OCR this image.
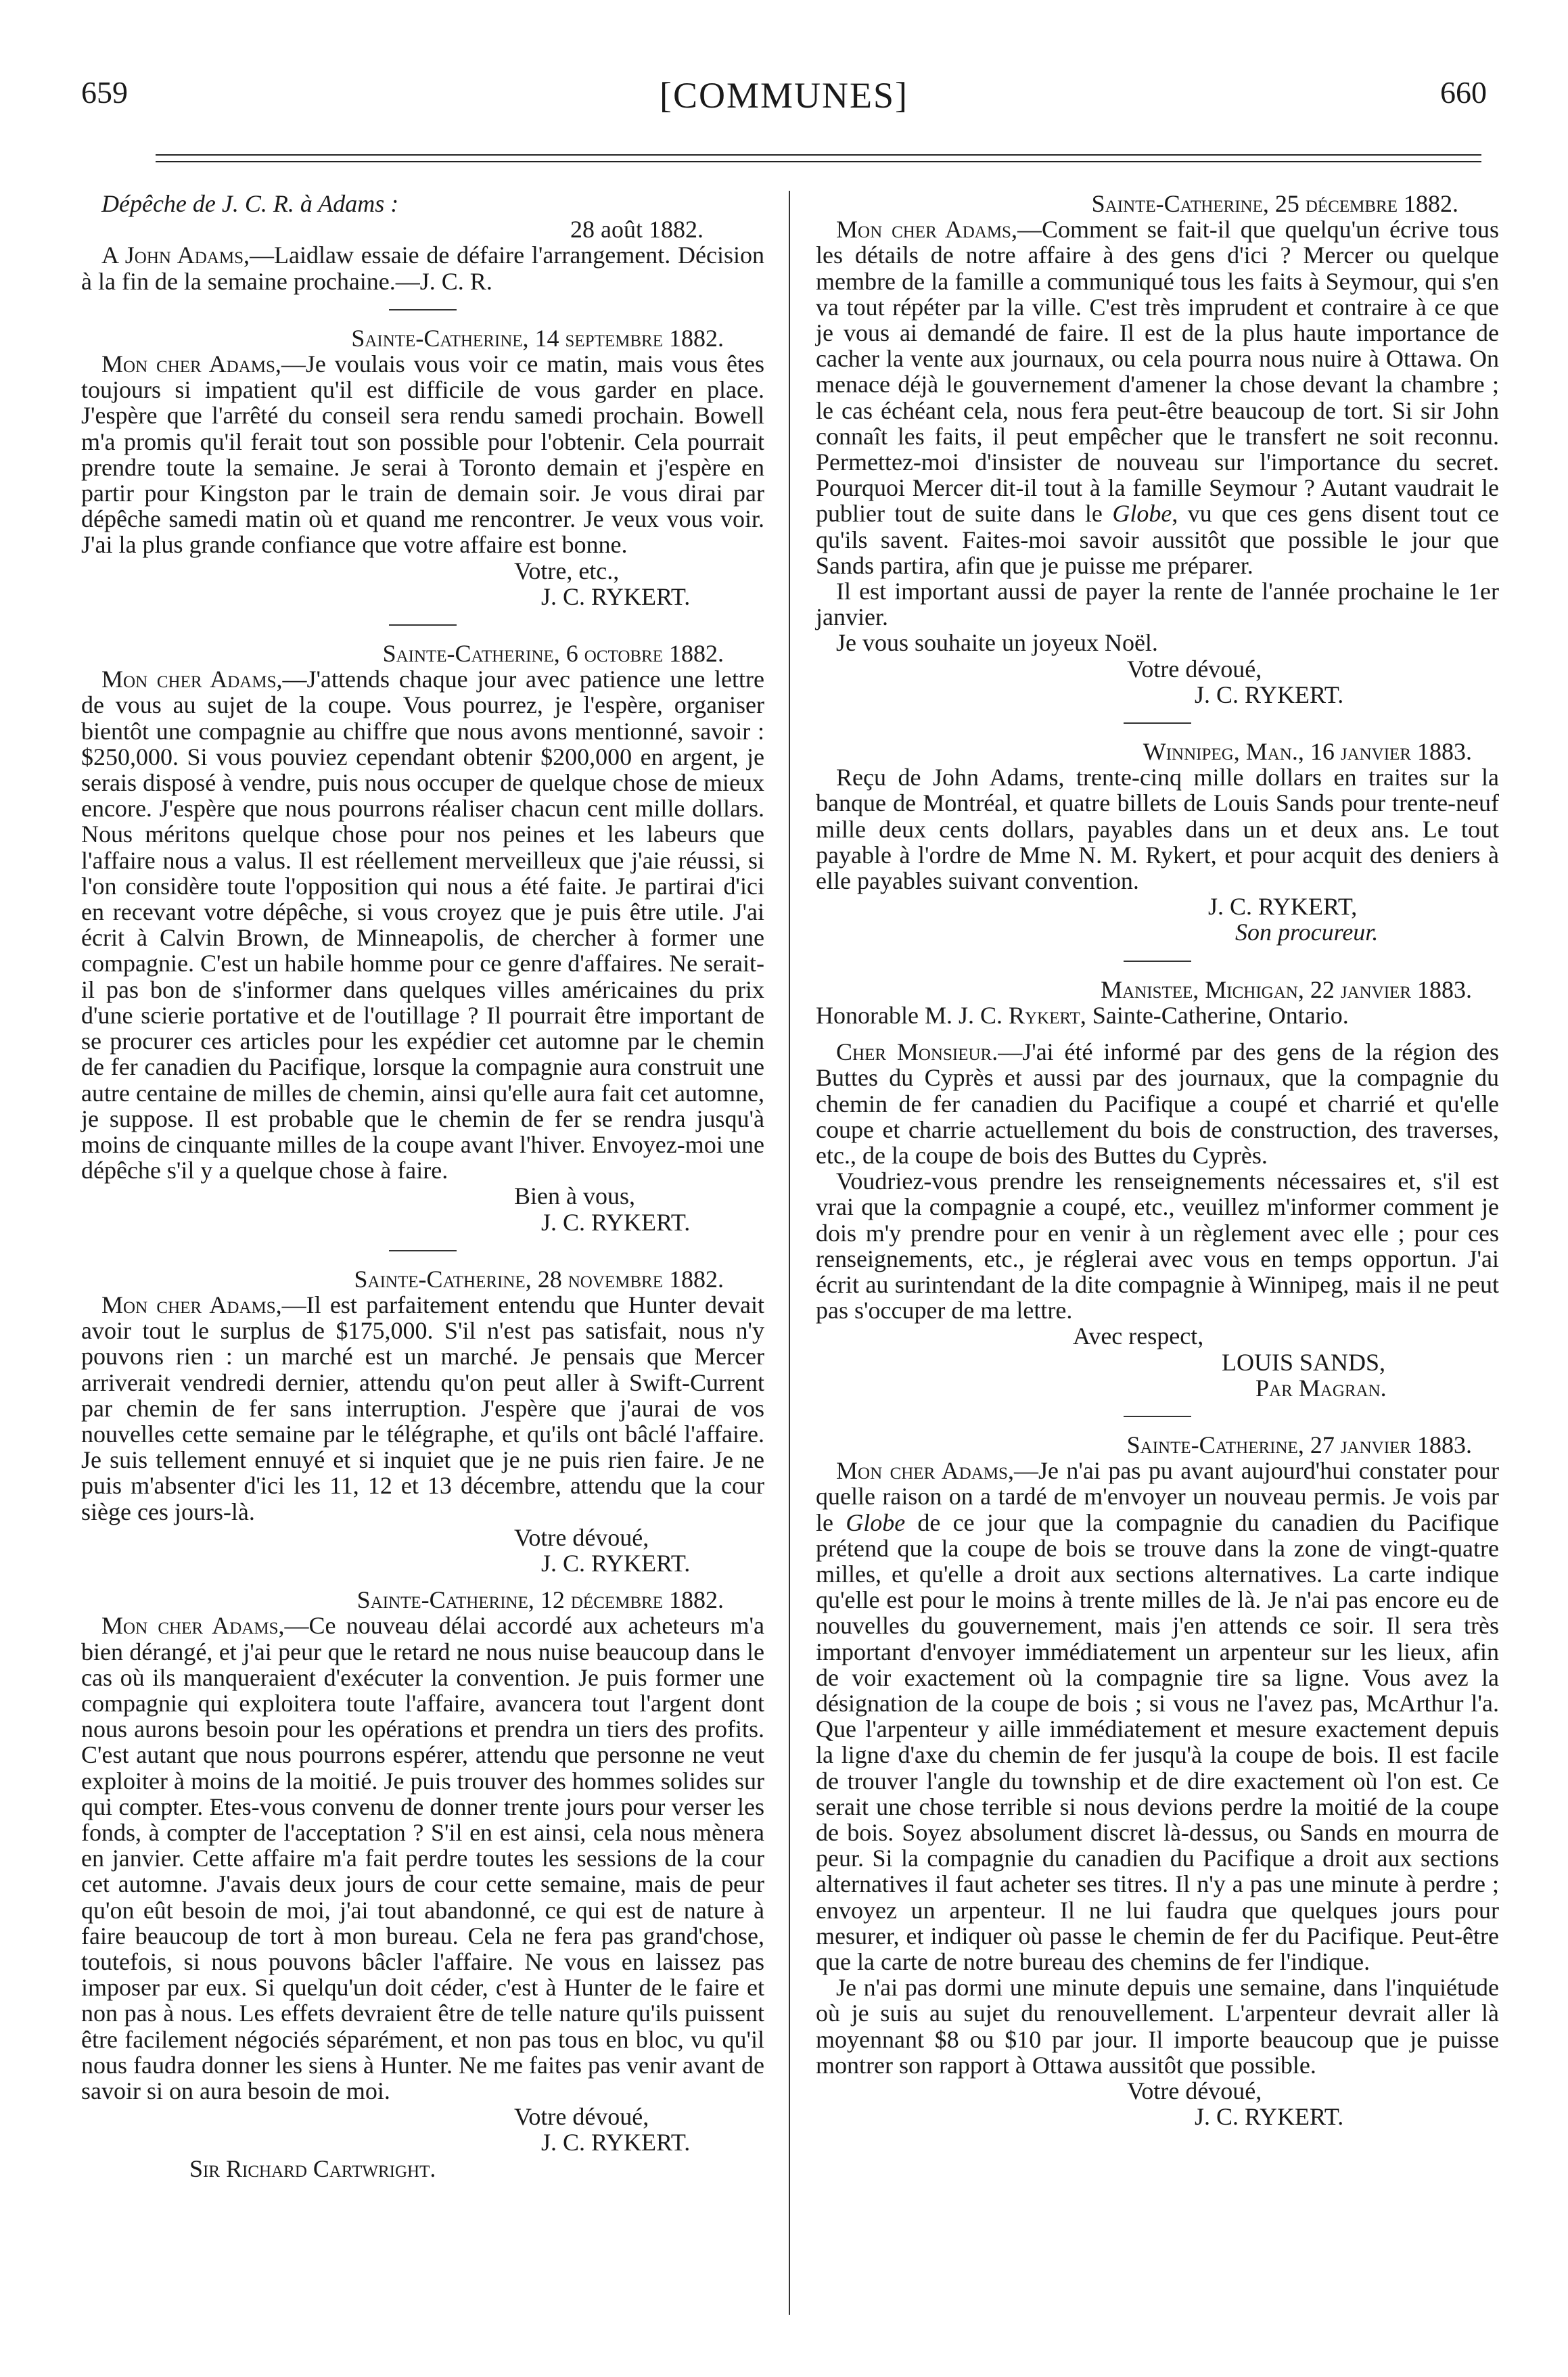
659	[COMMUNES]	660

Dépêche de J. C. R. à Adams :

28 août 1882.

A John Adams,—Laidlaw essaie de défaire l'arrangement. Décision à la fin de la semaine prochaine.—J. C. R.

Sainte-Catherine, 14 septembre 1882.

Mon cher Adams,—Je voulais vous voir ce matin, mais vous êtes toujours si impatient qu'il est difficile de vous garder en place. J'espère que l'arrêté du conseil sera rendu samedi prochain. Bowell m'a promis qu'il ferait tout son possible pour l'obtenir. Cela pourrait prendre toute la semaine. Je serai à Toronto demain et j'espère en partir pour Kingston par le train de demain soir. Je vous dirai par dépêche samedi matin où et quand me rencontrer. Je veux vous voir. J'ai la plus grande confiance que votre affaire est bonne.

Votre, etc.,

J. C. RYKERT.

Sainte-Catherine, 6 octobre 1882.

Mon cher Adams,—J'attends chaque jour avec patience une lettre de vous au sujet de la coupe. Vous pourrez, je l'espère, organiser bientôt une compagnie au chiffre que nous avons mentionné, savoir : $250,000. Si vous pouviez cependant obtenir $200,000 en argent, je serais disposé à vendre, puis nous occuper de quelque chose de mieux encore. J'espère que nous pourrons réaliser chacun cent mille dollars. Nous méritons quelque chose pour nos peines et les labeurs que l'affaire nous a valus. Il est réellement merveilleux que j'aie réussi, si l'on considère toute l'opposition qui nous a été faite. Je partirai d'ici en recevant votre dépêche, si vous croyez que je puis être utile. J'ai écrit à Calvin Brown, de Minneapolis, de chercher à former une compagnie. C'est un habile homme pour ce genre d'affaires. Ne serait-il pas bon de s'informer dans quelques villes américaines du prix d'une scierie portative et de l'outillage ? Il pourrait être important de se procurer ces articles pour les expédier cet automne par le chemin de fer canadien du Pacifique, lorsque la compagnie aura construit une autre centaine de milles de chemin, ainsi qu'elle aura fait cet automne, je suppose. Il est probable que le chemin de fer se rendra jusqu'à moins de cinquante milles de la coupe avant l'hiver. Envoyez-moi une dépêche s'il y a quelque chose à faire.

Bien à vous,

J. C. RYKERT.

Sainte-Catherine, 28 novembre 1882.

Mon cher Adams,—Il est parfaitement entendu que Hunter devait avoir tout le surplus de $175,000. S'il n'est pas satisfait, nous n'y pouvons rien : un marché est un marché. Je pensais que Mercer arriverait vendredi dernier, attendu qu'on peut aller à Swift-Current par chemin de fer sans interruption. J'espère que j'aurai de vos nouvelles cette semaine par le télégraphe, et qu'ils ont bâclé l'affaire. Je suis tellement ennuyé et si inquiet que je ne puis rien faire. Je ne puis m'absenter d'ici les 11, 12 et 13 décembre, attendu que la cour siège ces jours-là.

Votre dévoué,

J. C. RYKERT.

Sainte-Catherine, 12 décembre 1882.

Mon cher Adams,—Ce nouveau délai accordé aux acheteurs m'a bien dérangé, et j'ai peur que le retard ne nous nuise beaucoup dans le cas où ils manqueraient d'exécuter la convention. Je puis former une compagnie qui exploitera toute l'affaire, avancera tout l'argent dont nous aurons besoin pour les opérations et prendra un tiers des profits. C'est autant que nous pourrons espérer, attendu que personne ne veut exploiter à moins de la moitié. Je puis trouver des hommes solides sur qui compter. Etes-vous convenu de donner trente jours pour verser les fonds, à compter de l'acceptation ? S'il en est ainsi, cela nous mènera en janvier. Cette affaire m'a fait perdre toutes les sessions de la cour cet automne. J'avais deux jours de cour cette semaine, mais de peur qu'on eût besoin de moi, j'ai tout abandonné, ce qui est de nature à faire beaucoup de tort à mon bureau. Cela ne fera pas grand'chose, toutefois, si nous pouvons bâcler l'affaire. Ne vous en laissez pas imposer par eux. Si quelqu'un doit céder, c'est à Hunter de le faire et non pas à nous. Les effets devraient être de telle nature qu'ils puissent être facilement négociés séparément, et non pas tous en bloc, vu qu'il nous faudra donner les siens à Hunter. Ne me faites pas venir avant de savoir si on aura besoin de moi.

Votre dévoué,

J. C. RYKERT.

Sir Richard Cartwright.

Sainte-Catherine, 25 décembre 1882.

Mon cher Adams,—Comment se fait-il que quelqu'un écrive tous les détails de notre affaire à des gens d'ici ? Mercer ou quelque membre de la famille a communiqué tous les faits à Seymour, qui s'en va tout répéter par la ville. C'est très imprudent et contraire à ce que je vous ai demandé de faire. Il est de la plus haute importance de cacher la vente aux journaux, ou cela pourra nous nuire à Ottawa. On menace déjà le gouvernement d'amener la chose devant la chambre ; le cas échéant cela, nous fera peut-être beaucoup de tort. Si sir John connaît les faits, il peut empêcher que le transfert ne soit reconnu. Permettez-moi d'insister de nouveau sur l'importance du secret. Pourquoi Mercer dit-il tout à la famille Seymour ? Autant vaudrait le publier tout de suite dans le Globe, vu que ces gens disent tout ce qu'ils savent. Faites-moi savoir aussitôt que possible le jour que Sands partira, afin que je puisse me préparer.

Il est important aussi de payer la rente de l'année prochaine le 1er janvier.

Je vous souhaite un joyeux Noël.

Votre dévoué,

J. C. RYKERT.

Winnipeg, Man., 16 janvier 1883.

Reçu de John Adams, trente-cinq mille dollars en traites sur la banque de Montréal, et quatre billets de Louis Sands pour trente-neuf mille deux cents dollars, payables dans un et deux ans. Le tout payable à l'ordre de Mme N. M. Rykert, et pour acquit des deniers à elle payables suivant convention.

J. C. RYKERT,

Son procureur.

Manistee, Michigan, 22 janvier 1883.

Honorable M. J. C. Rykert, Sainte-Catherine, Ontario.

Cher Monsieur.—J'ai été informé par des gens de la région des Buttes du Cyprès et aussi par des journaux, que la compagnie du chemin de fer canadien du Pacifique a coupé et charrié et qu'elle coupe et charrie actuellement du bois de construction, des traverses, etc., de la coupe de bois des Buttes du Cyprès.

Voudriez-vous prendre les renseignements nécessaires et, s'il est vrai que la compagnie a coupé, etc., veuillez m'informer comment je dois m'y prendre pour en venir à un règlement avec elle ; pour ces renseignements, etc., je réglerai avec vous en temps opportun. J'ai écrit au surintendant de la dite compagnie à Winnipeg, mais il ne peut pas s'occuper de ma lettre.

Avec respect,

LOUIS SANDS,

Par Magran.

Sainte-Catherine, 27 janvier 1883.

Mon cher Adams,—Je n'ai pas pu avant aujourd'hui constater pour quelle raison on a tardé de m'envoyer un nouveau permis. Je vois par le Globe de ce jour que la compagnie du canadien du Pacifique prétend que la coupe de bois se trouve dans la zone de vingt-quatre milles, et qu'elle a droit aux sections alternatives. La carte indique qu'elle est pour le moins à trente milles de là. Je n'ai pas encore eu de nouvelles du gouvernement, mais j'en attends ce soir. Il sera très important d'envoyer immédiatement un arpenteur sur les lieux, afin de voir exactement où la compagnie tire sa ligne. Vous avez la désignation de la coupe de bois ; si vous ne l'avez pas, McArthur l'a. Que l'arpenteur y aille immédiatement et mesure exactement depuis la ligne d'axe du chemin de fer jusqu'à la coupe de bois. Il est facile de trouver l'angle du township et de dire exactement où l'on est. Ce serait une chose terrible si nous devions perdre la moitié de la coupe de bois. Soyez absolument discret là-dessus, ou Sands en mourra de peur. Si la compagnie du canadien du Pacifique a droit aux sections alternatives il faut acheter ses titres. Il n'y a pas une minute à perdre ; envoyez un arpenteur. Il ne lui faudra que quelques jours pour mesurer, et indiquer où passe le chemin de fer du Pacifique. Peut-être que la carte de notre bureau des chemins de fer l'indique.

Je n'ai pas dormi une minute depuis une semaine, dans l'inquiétude où je suis au sujet du renouvellement. L'arpenteur devrait aller là moyennant $8 ou $10 par jour. Il importe beaucoup que je puisse montrer son rapport à Ottawa aussitôt que possible.

Votre dévoué,

J. C. RYKERT.
